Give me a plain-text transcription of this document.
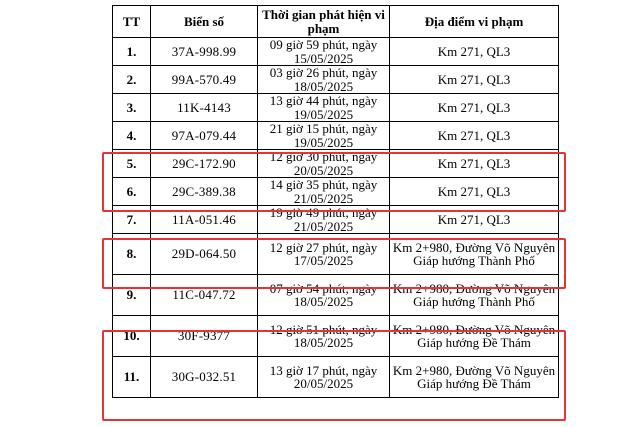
TT	Biển số	Thời gian phát hiện vi phạm	Địa điểm vi phạm
1.	37A-998.99	09 giờ 59 phút, ngày 15/05/2025	Km 271, QL3
2.	99A-570.49	03 giờ 26 phút, ngày 18/05/2025	Km 271, QL3
3.	11K-4143	13 giờ 44 phút, ngày 19/05/2025	Km 271, QL3
4.	97A-079.44	21 giờ 15 phút, ngày 19/05/2025	Km 271, QL3
5.	29C-172.90	12 giờ 30 phút, ngày 20/05/2025	Km 271, QL3
6.	29C-389.38	14 giờ 35 phút, ngày 21/05/2025	Km 271, QL3
7.	11A-051.46	19 giờ 49 phút, ngày 21/05/2025	Km 271, QL3
8.	29D-064.50	12 giờ 27 phút, ngày 17/05/2025	Km 2+980, Đường Võ Nguyên Giáp hướng Thành Phố
9.	11C-047.72	07 giờ 54 phút, ngày 18/05/2025	Km 2+980, Đường Võ Nguyên Giáp hướng Thành Phố
10.	30F-9377	12 giờ 51 phút, ngày 18/05/2025	Km 2+980, Đường Võ Nguyên Giáp hướng Đề Thám
11.	30G-032.51	13 giờ 17 phút, ngày 20/05/2025	Km 2+980, Đường Võ Nguyên Giáp hướng Đề Thám
